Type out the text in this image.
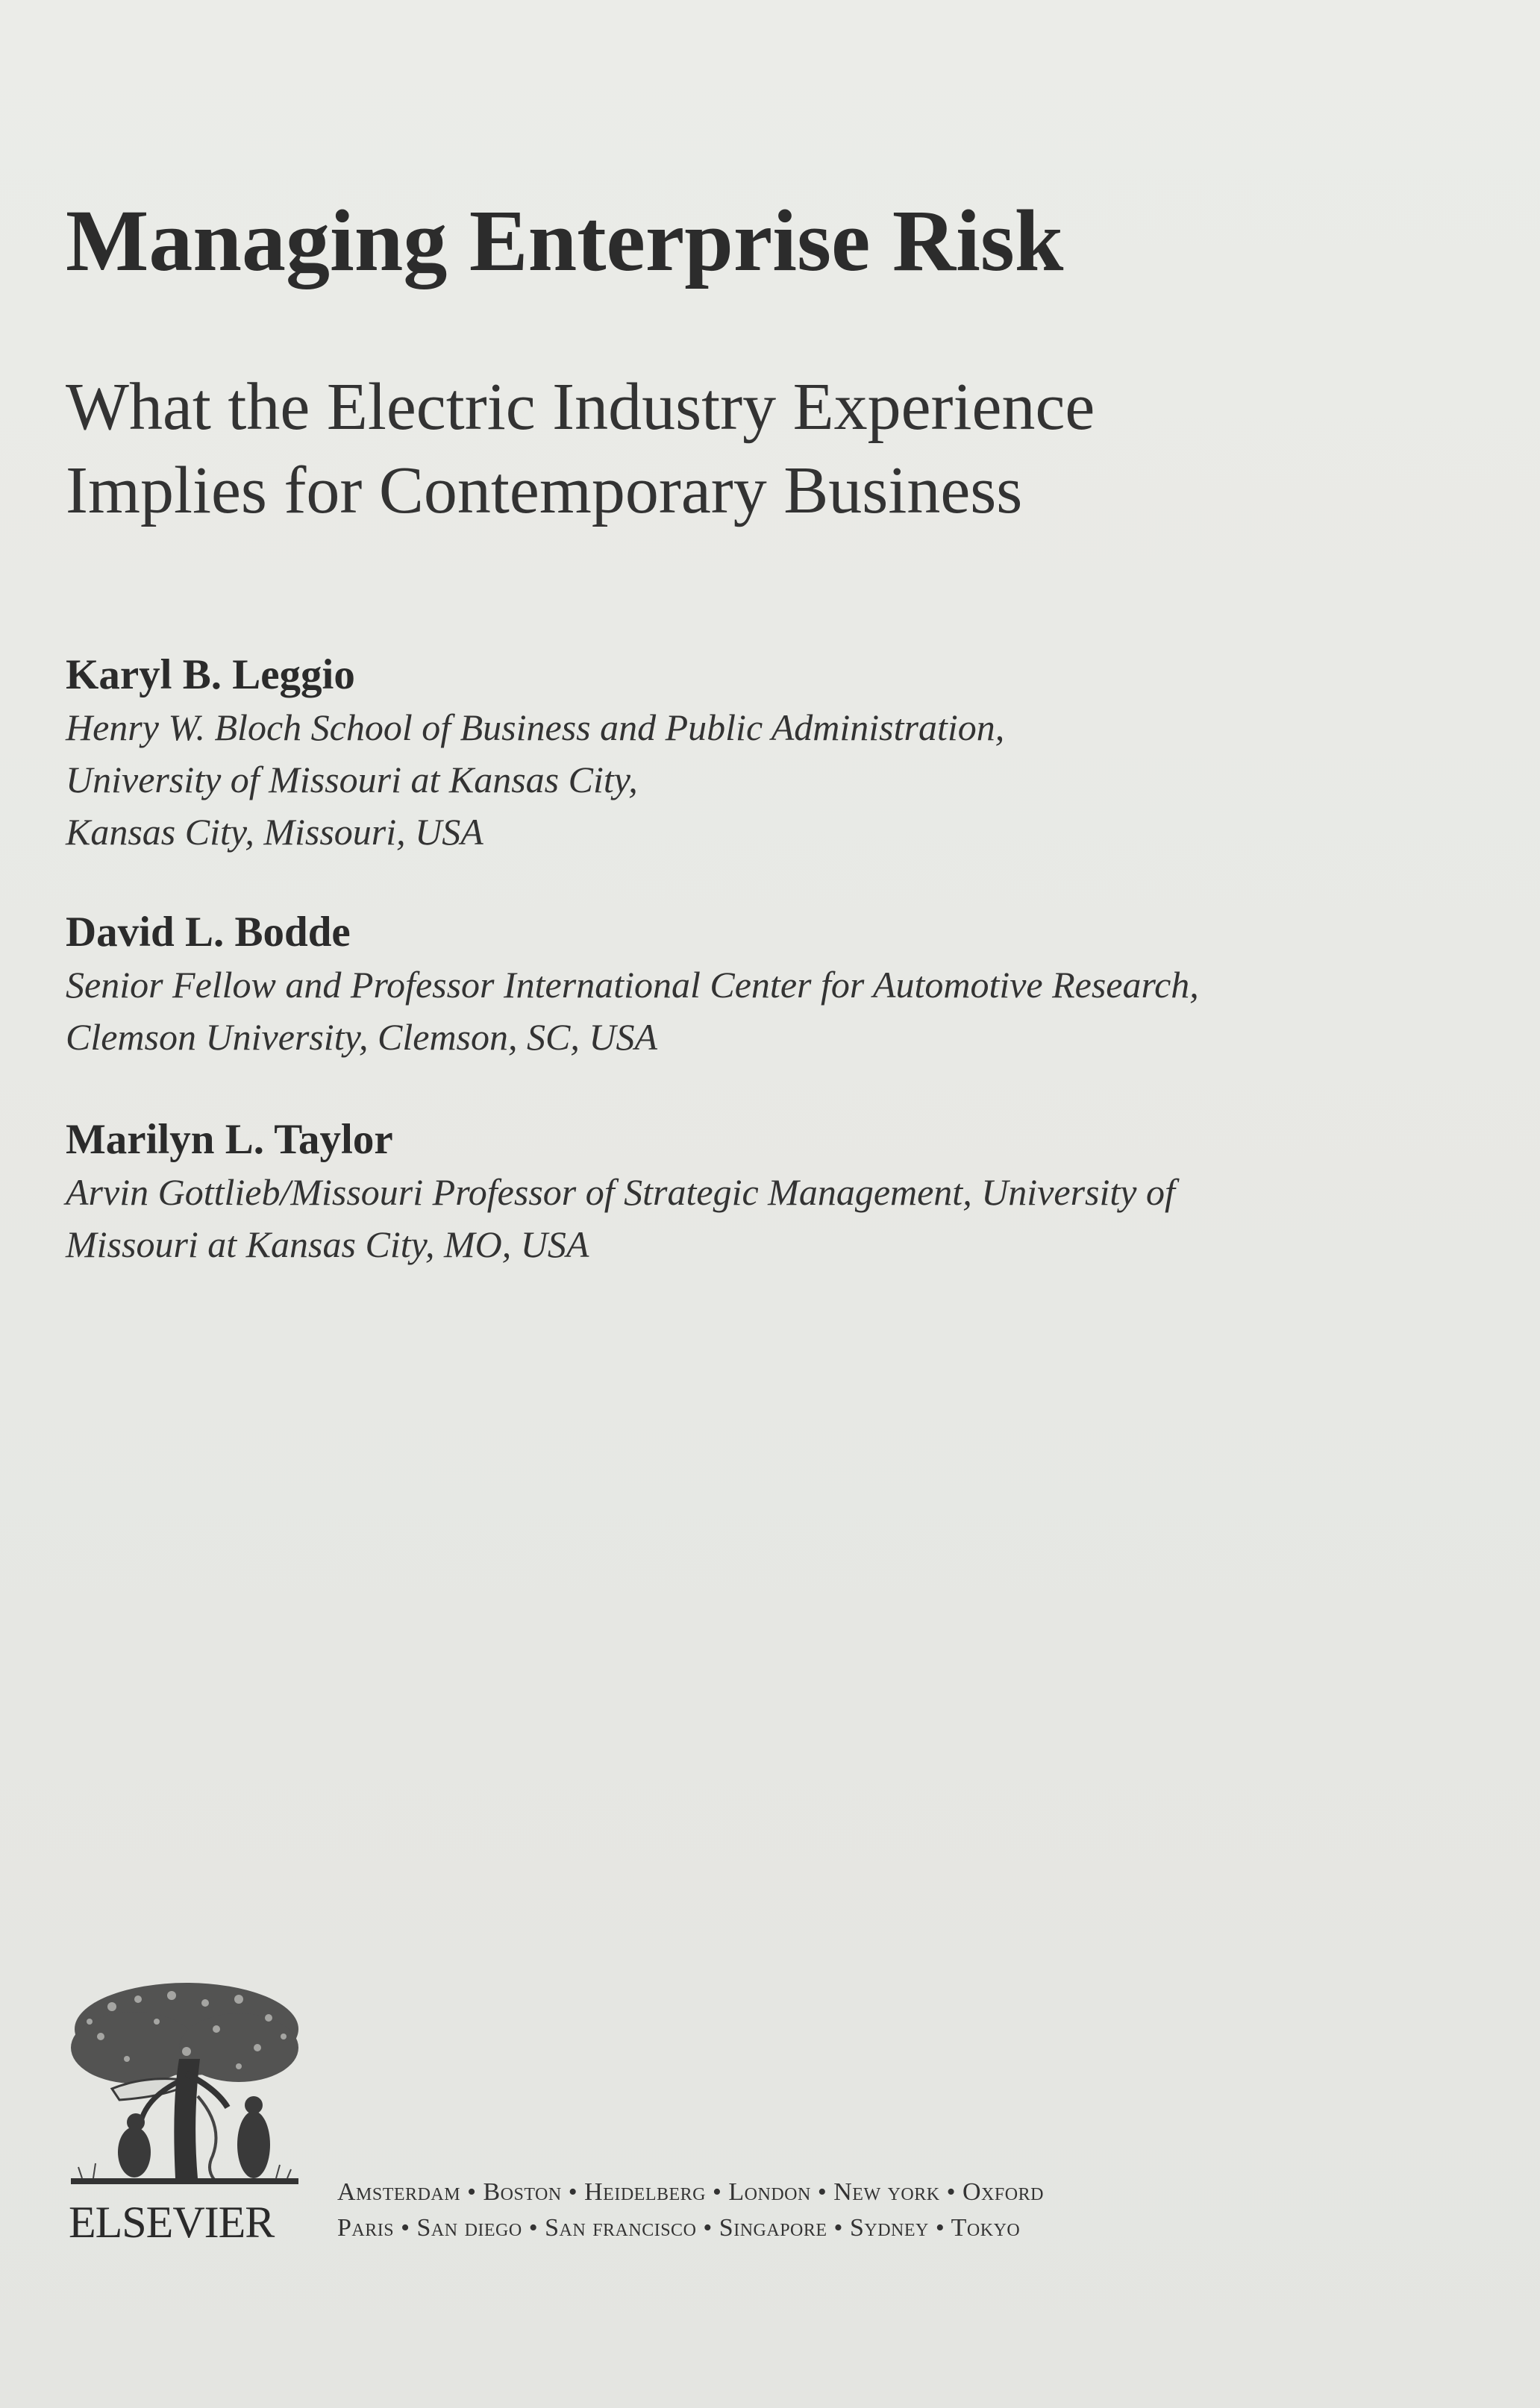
Managing Enterprise Risk
What the Electric Industry Experience
Implies for Contemporary Business
Karyl B. Leggio
Henry W. Bloch School of Business and Public Administration,
University of Missouri at Kansas City,
Kansas City, Missouri, USA
David L. Bodde
Senior Fellow and Professor International Center for Automotive Research,
Clemson University, Clemson, SC, USA
Marilyn L. Taylor
Arvin Gottlieb/Missouri Professor of Strategic Management, University of
Missouri at Kansas City, MO, USA
ELSEVIER
Amsterdam • Boston • Heidelberg • London • New york • Oxford
Paris • San diego • San francisco • Singapore • Sydney • Tokyo
